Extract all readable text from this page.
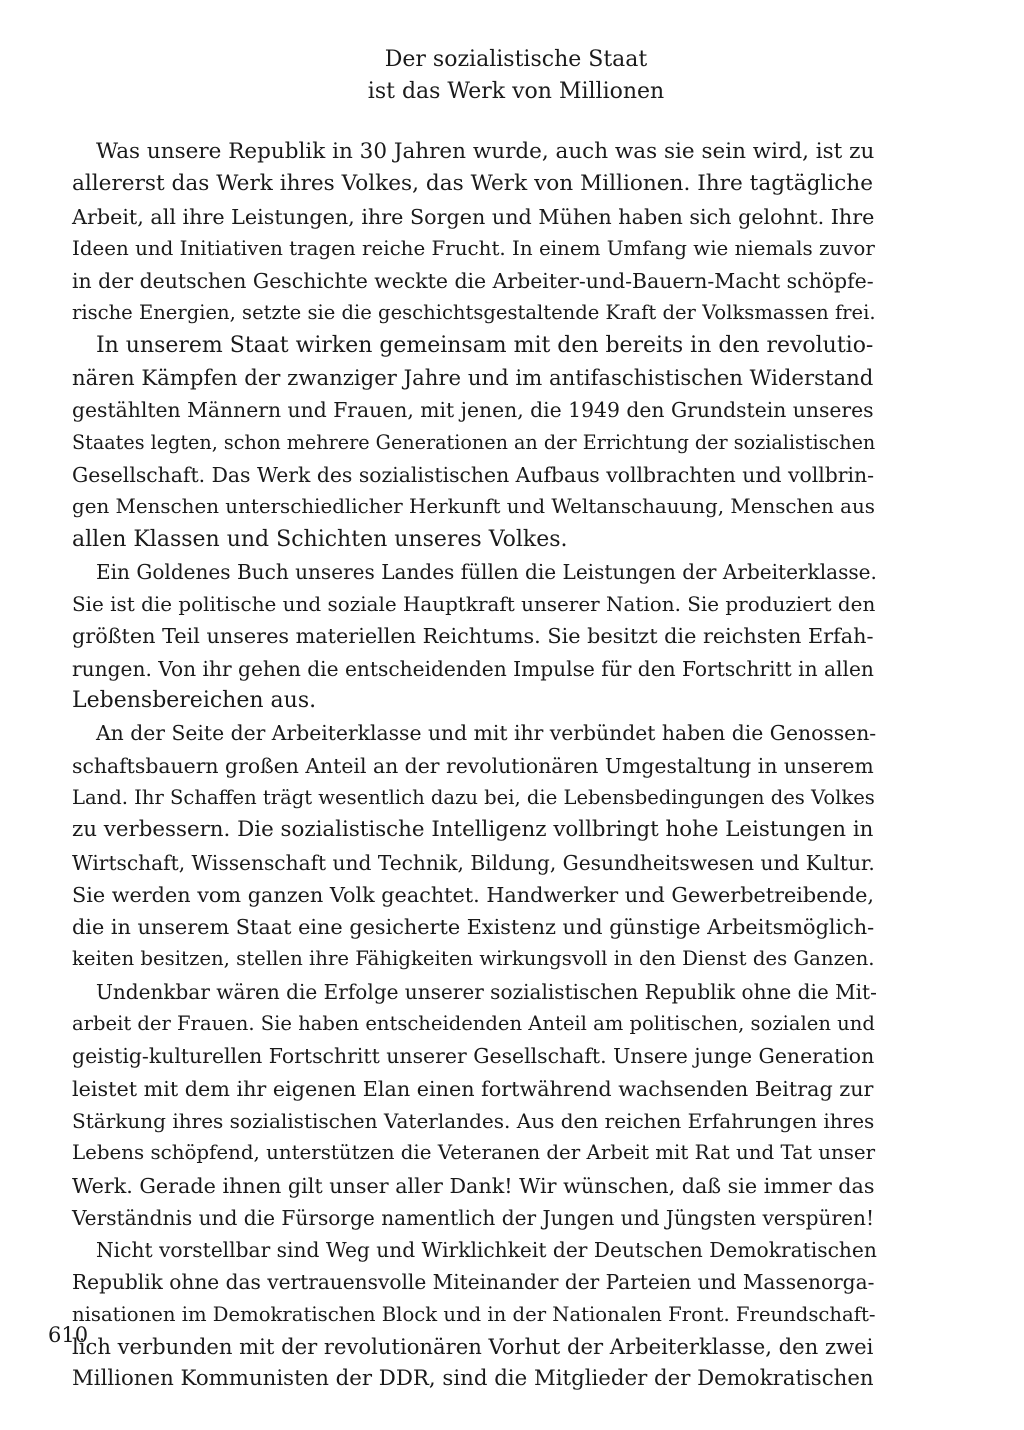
Der sozialistische Staat
ist das Werk von Millionen
Was unsere Republik in 30 Jahren wurde, auch was sie sein wird, ist zu
allererst das Werk ihres Volkes, das Werk von Millionen. Ihre tagtägliche
Arbeit, all ihre Leistungen, ihre Sorgen und Mühen haben sich gelohnt. Ihre
Ideen und Initiativen tragen reiche Frucht. In einem Umfang wie niemals zuvor
in der deutschen Geschichte weckte die Arbeiter-und-Bauern-Macht schöpfe-
rische Energien, setzte sie die geschichtsgestaltende Kraft der Volksmassen frei.
In unserem Staat wirken gemeinsam mit den bereits in den revolutio-
nären Kämpfen der zwanziger Jahre und im antifaschistischen Widerstand
gestählten Männern und Frauen, mit jenen, die 1949 den Grundstein unseres
Staates legten, schon mehrere Generationen an der Errichtung der sozialistischen
Gesellschaft. Das Werk des sozialistischen Aufbaus vollbrachten und vollbrin-
gen Menschen unterschiedlicher Herkunft und Weltanschauung, Menschen aus
allen Klassen und Schichten unseres Volkes.
Ein Goldenes Buch unseres Landes füllen die Leistungen der Arbeiterklasse.
Sie ist die politische und soziale Hauptkraft unserer Nation. Sie produziert den
größten Teil unseres materiellen Reichtums. Sie besitzt die reichsten Erfah-
rungen. Von ihr gehen die entscheidenden Impulse für den Fortschritt in allen
Lebensbereichen aus.
An der Seite der Arbeiterklasse und mit ihr verbündet haben die Genossen-
schaftsbauern großen Anteil an der revolutionären Umgestaltung in unserem
Land. Ihr Schaffen trägt wesentlich dazu bei, die Lebensbedingungen des Volkes
zu verbessern. Die sozialistische Intelligenz vollbringt hohe Leistungen in
Wirtschaft, Wissenschaft und Technik, Bildung, Gesundheitswesen und Kultur.
Sie werden vom ganzen Volk geachtet. Handwerker und Gewerbetreibende,
die in unserem Staat eine gesicherte Existenz und günstige Arbeitsmöglich-
keiten besitzen, stellen ihre Fähigkeiten wirkungsvoll in den Dienst des Ganzen.
Undenkbar wären die Erfolge unserer sozialistischen Republik ohne die Mit-
arbeit der Frauen. Sie haben entscheidenden Anteil am politischen, sozialen und
geistig-kulturellen Fortschritt unserer Gesellschaft. Unsere junge Generation
leistet mit dem ihr eigenen Elan einen fortwährend wachsenden Beitrag zur
Stärkung ihres sozialistischen Vaterlandes. Aus den reichen Erfahrungen ihres
Lebens schöpfend, unterstützen die Veteranen der Arbeit mit Rat und Tat unser
Werk. Gerade ihnen gilt unser aller Dank! Wir wünschen, daß sie immer das
Verständnis und die Fürsorge namentlich der Jungen und Jüngsten verspüren!
Nicht vorstellbar sind Weg und Wirklichkeit der Deutschen Demokratischen
Republik ohne das vertrauensvolle Miteinander der Parteien und Massenorga-
nisationen im Demokratischen Block und in der Nationalen Front. Freundschaft-
lich verbunden mit der revolutionären Vorhut der Arbeiterklasse, den zwei
Millionen Kommunisten der DDR, sind die Mitglieder der Demokratischen
610
